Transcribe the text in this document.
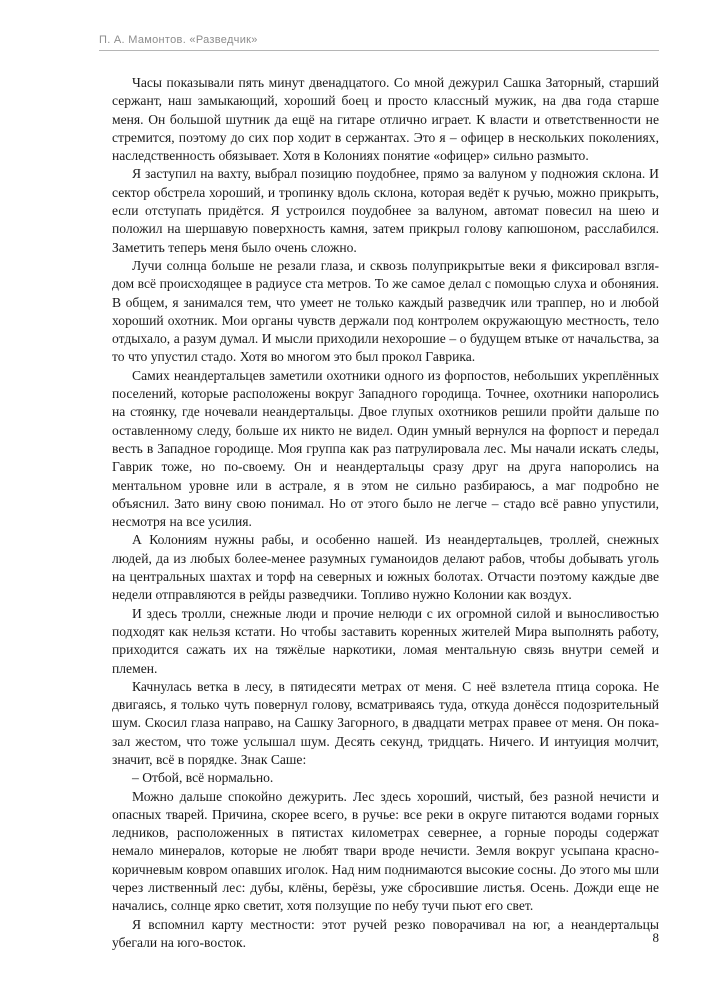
П. А. Мамонтов. «Разведчик»

Часы показывали пять минут двенадцатого. Со мной дежурил Сашка Заторный, старший сержант, наш замыкающий, хороший боец и просто классный мужик, на два года старше меня. Он большой шутник да ещё на гитаре отлично играет. К власти и ответственности не стремится, поэтому до сих пор ходит в сержантах. Это я – офицер в нескольких поколениях, наследственность обязывает. Хотя в Колониях понятие «офицер» сильно размыто.

Я заступил на вахту, выбрал позицию поудобнее, прямо за валуном у подножия склона. И сектор обстрела хороший, и тропинку вдоль склона, которая ведёт к ручью, можно прикрыть, если отступать придётся. Я устроился поудобнее за валуном, автомат повесил на шею и положил на шершавую поверхность камня, затем прикрыл голову капюшоном, расслaбился. Заметить теперь меня было очень сложно.

Лучи солнца больше не резали глаза, и сквозь полуприкрытые веки я фиксировал взглядом всё происходящее в радиусе ста метров. То же самое делал с помощью слуха и обоняния. В общем, я занимался тем, что умеет не только каждый разведчик или траппер, но и любой хороший охотник. Мои органы чувств держали под контролем окружающую местность, тело отдыхало, а разум думал. И мысли приходили нехорошие – о будущем втыке от начальства, за то что упустил стадо. Хотя во многом это был прокол Гаврика.

Самих неандертальцев заметили охотники одного из форпостов, небольших укреплённых поселений, которые расположены вокруг Западного городища. Точнее, охотники напоролись на стоянку, где ночевали неандертальцы. Двое глупых охотников решили пройти дальше по оставленному следу, больше их никто не видел. Один умный вернулся на форпост и передал весть в Западное городище. Моя группа как раз патрулировала лес. Мы начали искать следы, Гаврик тоже, но по-своему. Он и неандертальцы сразу друг на друга напоролись на ментальном уровне или в астрале, я в этом не сильно разбираюсь, а маг подробно не объяснил. Зато вину свою понимал. Но от этого было не легче – стадо всё равно упустили, несмотря на все усилия.

А Колониям нужны рабы, и особенно нашей. Из неандертальцев, троллей, снежных людей, да из любых более-менее разумных гуманоидов делают рабов, чтобы добывать уголь на центральных шахтах и торф на северных и южных болотах. Отчасти поэтому каждые две недели отправляются в рейды разведчики. Топливо нужно Колонии как воздух.

И здесь тролли, снежные люди и прочие нелюди с их огромной силой и выносливостью подходят как нельзя кстати. Но чтобы заставить коренных жителей Мира выполнять работу, приходится сажать их на тяжёлые наркотики, ломая ментальную связь внутри семей и племен.

Качнулась ветка в лесу, в пятидесяти метрах от меня. С неё взлетела птица сорока. Не двигаясь, я только чуть повернул голову, всматриваясь туда, откуда донёсся подозрительный шум. Скосил глаза направо, на Сашку Загорного, в двадцати метрах правее от меня. Он показал жестом, что тоже услышал шум. Десять секунд, тридцать. Ничего. И интуиция молчит, значит, всё в порядке. Знак Саше:

– Отбой, всё нормально.

Можно дальше спокойно дежурить. Лес здесь хороший, чистый, без разной нечисти и опасных тварей. Причина, скорее всего, в ручье: все реки в округе питаются водами горных ледников, расположенных в пятистах километрах севернее, а горные породы содержат немало минералов, которые не любят твари вроде нечисти. Земля вокруг усыпана краснокоричневым ковром опавших иголок. Над ним поднимаются высокие сосны. До этого мы шли через лиственный лес: дубы, клёны, берёзы, уже сбросившие листья. Осень. Дожди еще не начались, солнце ярко светит, хотя ползущие по небу тучи пьют его свет.

Я вспомнил карту местности: этот ручей резко поворачивал на юг, а неандертальцы убегали на юго-восток.	8
